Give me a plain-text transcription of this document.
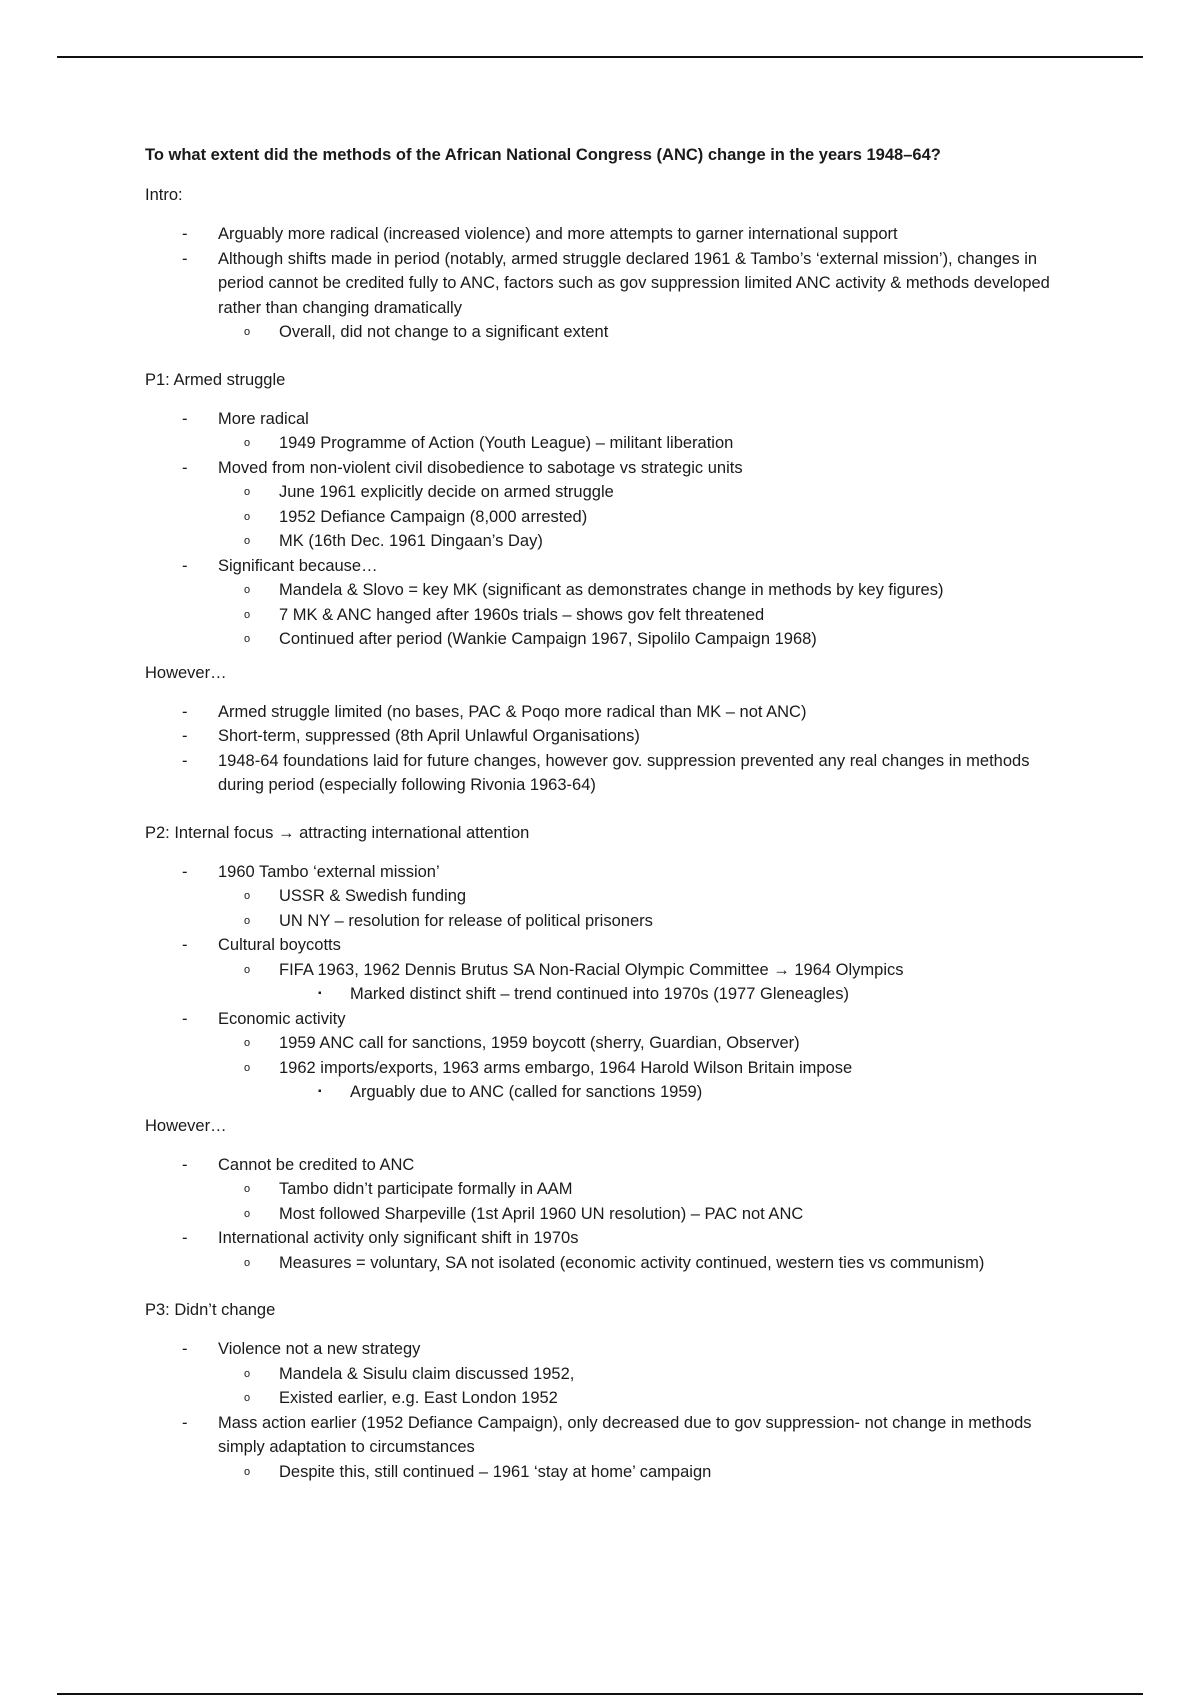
To what extent did the methods of the African National Congress (ANC) change in the years 1948–64?
Intro:
- Arguably more radical (increased violence) and more attempts to garner international support
- Although shifts made in period (notably, armed struggle declared 1961 & Tambo’s ‘external mission’), changes in period cannot be credited fully to ANC, factors such as gov suppression limited ANC activity & methods developed rather than changing dramatically
o Overall, did not change to a significant extent
P1: Armed struggle
- More radical
o 1949 Programme of Action (Youth League) – militant liberation
- Moved from non-violent civil disobedience to sabotage vs strategic units
o June 1961 explicitly decide on armed struggle
o 1952 Defiance Campaign (8,000 arrested)
o MK (16th Dec. 1961 Dingaan’s Day)
- Significant because…
o Mandela & Slovo = key MK (significant as demonstrates change in methods by key figures)
o 7 MK & ANC hanged after 1960s trials – shows gov felt threatened
o Continued after period (Wankie Campaign 1967, Sipolilo Campaign 1968)
However…
- Armed struggle limited (no bases, PAC & Poqo more radical than MK – not ANC)
- Short-term, suppressed (8th April Unlawful Organisations)
- 1948-64 foundations laid for future changes, however gov. suppression prevented any real changes in methods during period (especially following Rivonia 1963-64)
P2: Internal focus → attracting international attention
- 1960 Tambo ‘external mission’
o USSR & Swedish funding
o UN NY – resolution for release of political prisoners
- Cultural boycotts
o FIFA 1963, 1962 Dennis Brutus SA Non-Racial Olympic Committee → 1964 Olympics
▪ Marked distinct shift – trend continued into 1970s (1977 Gleneagles)
- Economic activity
o 1959 ANC call for sanctions, 1959 boycott (sherry, Guardian, Observer)
o 1962 imports/exports, 1963 arms embargo, 1964 Harold Wilson Britain impose
▪ Arguably due to ANC (called for sanctions 1959)
However…
- Cannot be credited to ANC
o Tambo didn’t participate formally in AAM
o Most followed Sharpeville (1st April 1960 UN resolution) – PAC not ANC
- International activity only significant shift in 1970s
o Measures = voluntary, SA not isolated (economic activity continued, western ties vs communism)
P3: Didn’t change
- Violence not a new strategy
o Mandela & Sisulu claim discussed 1952,
o Existed earlier, e.g. East London 1952
- Mass action earlier (1952 Defiance Campaign), only decreased due to gov suppression- not change in methods simply adaptation to circumstances
o Despite this, still continued – 1961 ‘stay at home’ campaign
